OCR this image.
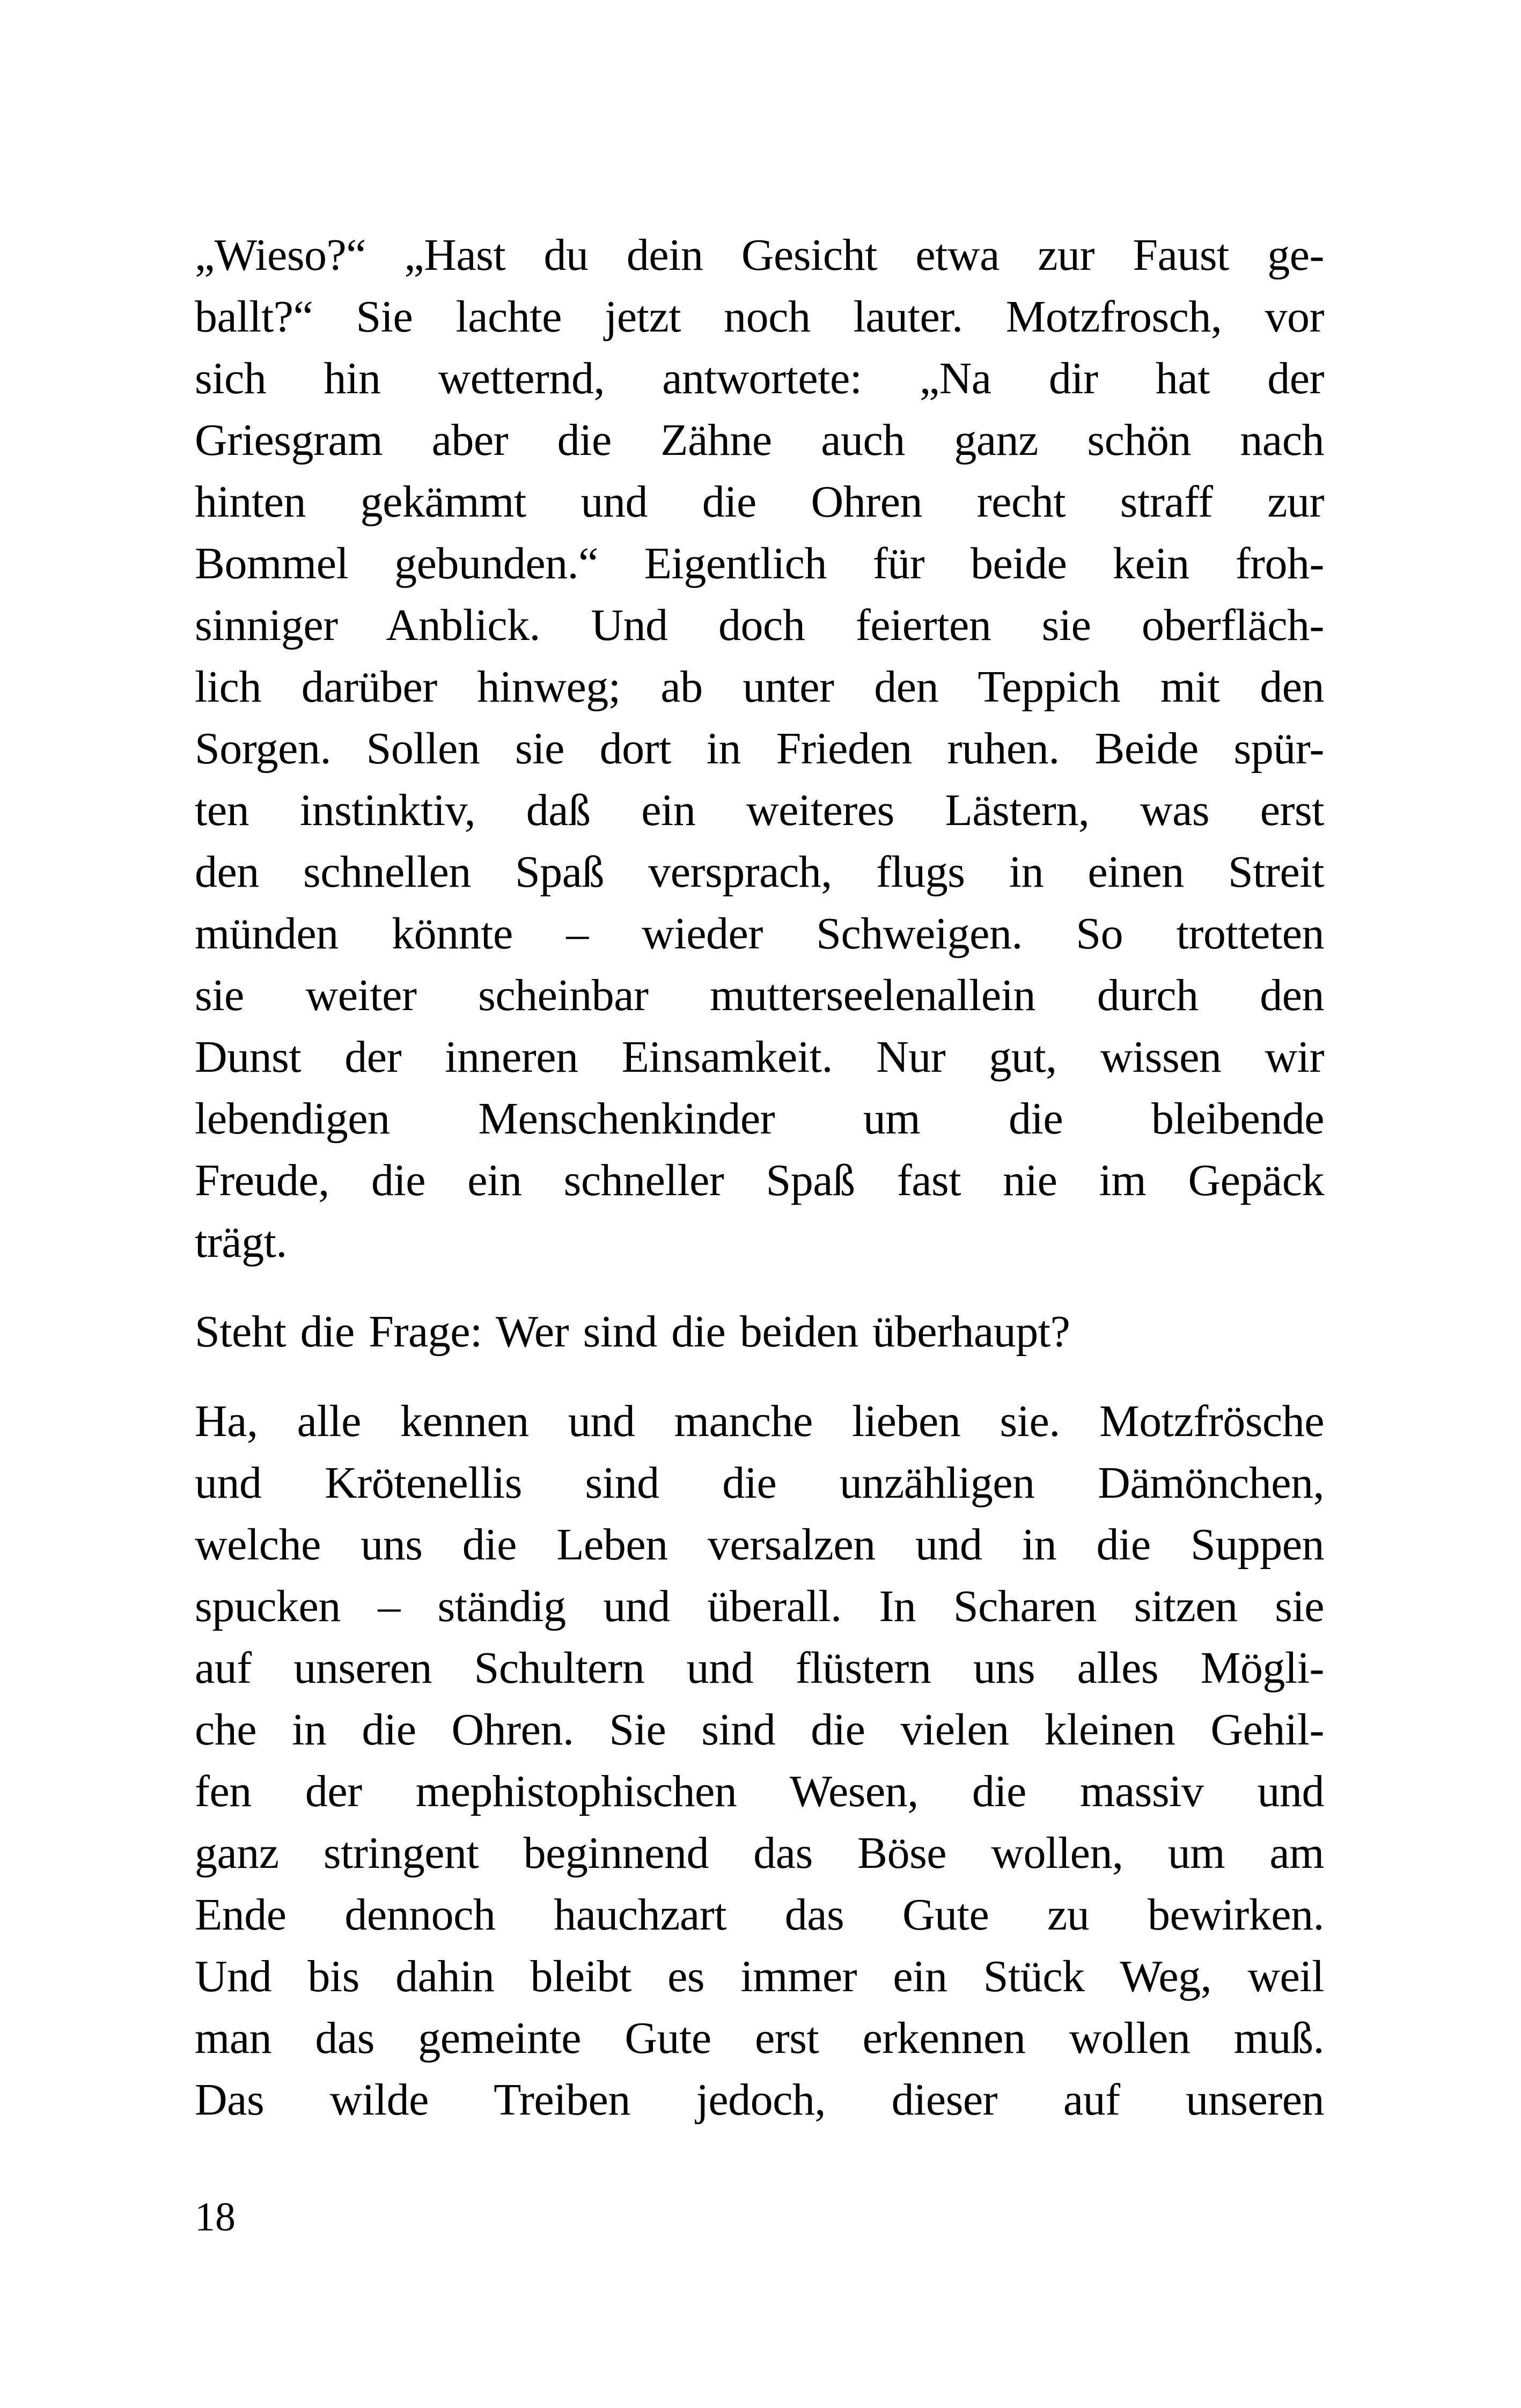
„Wieso?“ „Hast du dein Gesicht etwa zur Faust ge-
ballt?“ Sie lachte jetzt noch lauter. Motzfrosch, vor
sich hin wetternd, antwortete: „Na dir hat der
Griesgram aber die Zähne auch ganz schön nach
hinten gekämmt und die Ohren recht straff zur
Bommel gebunden.“ Eigentlich für beide kein froh-
sinniger Anblick. Und doch feierten sie oberfläch-
lich darüber hinweg; ab unter den Teppich mit den
Sorgen. Sollen sie dort in Frieden ruhen. Beide spür-
ten instinktiv, daß ein weiteres Lästern, was erst
den schnellen Spaß versprach, flugs in einen Streit
münden könnte – wieder Schweigen. So trotteten
sie weiter scheinbar mutterseelenallein durch den
Dunst der inneren Einsamkeit. Nur gut, wissen wir
lebendigen Menschenkinder um die bleibende
Freude, die ein schneller Spaß fast nie im Gepäck
trägt.
Steht die Frage: Wer sind die beiden überhaupt?
Ha, alle kennen und manche lieben sie. Motzfrösche
und Krötenellis sind die unzähligen Dämönchen,
welche uns die Leben versalzen und in die Suppen
spucken – ständig und überall. In Scharen sitzen sie
auf unseren Schultern und flüstern uns alles Mögli-
che in die Ohren. Sie sind die vielen kleinen Gehil-
fen der mephistophischen Wesen, die massiv und
ganz stringent beginnend das Böse wollen, um am
Ende dennoch hauchzart das Gute zu bewirken.
Und bis dahin bleibt es immer ein Stück Weg, weil
man das gemeinte Gute erst erkennen wollen muß.
Das wilde Treiben jedoch, dieser auf unseren
18
